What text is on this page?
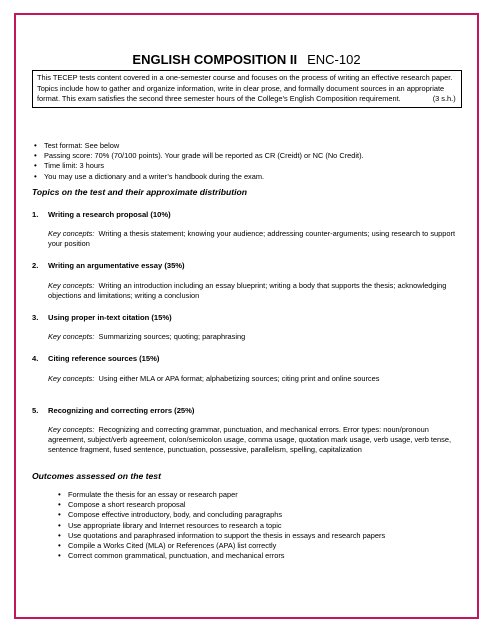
ENGLISH COMPOSITION II ENC-102
This TECEP tests content covered in a one-semester course and focuses on the process of writing an effective research paper. Topics include how to gather and organize information, write in clear prose, and formally document sources in an appropriate format. This exam satisfies the second three semester hours of the College’s English Composition requirement.	(3 s.h.)
• Test format: See below
• Passing score: 70% (70/100 points). Your grade will be reported as CR (Creidt) or NC (No Credit).
• Time limit: 3 hours
• You may use a dictionary and a writer’s handbook during the exam.
Topics on the test and their approximate distribution
1. Writing a research proposal (10%)
Key concepts: Writing a thesis statement; knowing your audience; addressing counter-arguments; using research to support your position
2. Writing an argumentative essay (35%)
Key concepts: Writing an introduction including an essay blueprint; writing a body that supports the thesis; acknowledging objections and limitations; writing a conclusion
3. Using proper in-text citation (15%)
Key concepts: Summarizing sources; quoting; paraphrasing
4. Citing reference sources (15%)
Key concepts: Using either MLA or APA format; alphabetizing sources; citing print and online sources
5. Recognizing and correcting errors (25%)
Key concepts: Recognizing and correcting grammar, punctuation, and mechanical errors. Error types: noun/pronoun agreement, subject/verb agreement, colon/semicolon usage, comma usage, quotation mark usage, verb usage, verb tense, sentence fragment, fused sentence, punctuation, possessive, parallelism, spelling, capitalization
Outcomes assessed on the test
• Formulate the thesis for an essay or research paper
• Compose a short research proposal
• Compose effective introductory, body, and concluding paragraphs
• Use appropriate library and Internet resources to research a topic
• Use quotations and paraphrased information to support the thesis in essays and research papers
• Compile a Works Cited (MLA) or References (APA) list correctly
• Correct common grammatical, punctuation, and mechanical errors
